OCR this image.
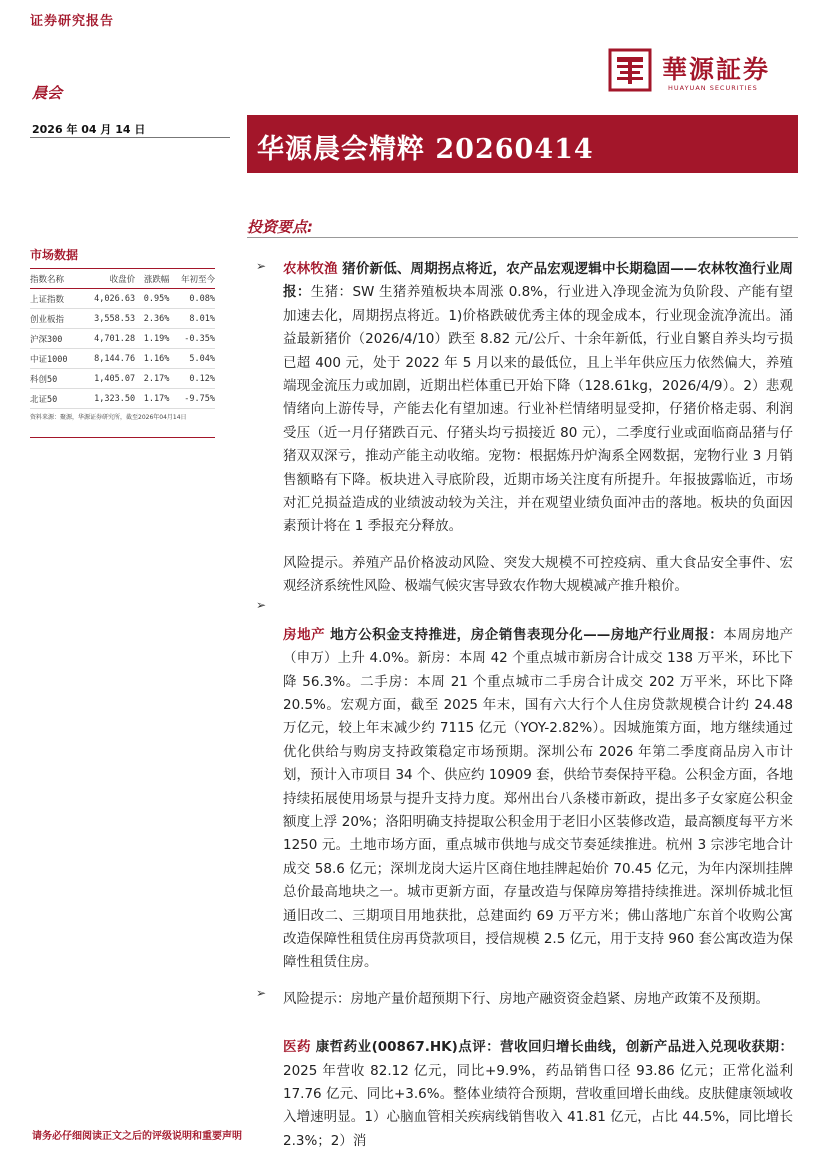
证券研究报告
華源証券
HUAYUAN SECURITIES
晨会
2026 年 04 月 14 日
华源晨会精粹 20260414
投资要点:
市场数据
指数名称	收盘价	涨跌幅	年初至今
上证指数	4,026.63	0.95%	0.08%
创业板指	3,558.53	2.36%	8.01%
沪深300	4,701.28	1.19%	-0.35%
中证1000	8,144.76	1.16%	5.04%
科创50	1,405.07	2.17%	0.12%
北证50	1,323.50	1.17%	-9.75%
资料来源：聚源，华源证券研究所，截至2026年04月14日
➢
➢
➢

农林牧渔 猪价新低、周期拐点将近，农产品宏观逻辑中长期稳固——农林牧渔行业周报：生猪：SW 生猪养殖板块本周涨 0.8%，行业进入净现金流为负阶段、产能有望加速去化，周期拐点将近。1)价格跌破优秀主体的现金成本，行业现金流净流出。涌益最新猪价（2026/4/10）跌至 8.82 元/公斤、十余年新低，行业自繁自养头均亏损已超 400 元，处于 2022 年 5 月以来的最低位，且上半年供应压力依然偏大，养殖端现金流压力或加剧，近期出栏体重已开始下降（128.61kg，2026/4/9）。2）悲观情绪向上游传导，产能去化有望加速。行业补栏情绪明显受抑，仔猪价格走弱、利润受压（近一月仔猪跌百元、仔猪头均亏损接近 80 元），二季度行业或面临商品猪与仔猪双双深亏，推动产能主动收缩。宠物：根据炼丹炉淘系全网数据，宠物行业 3 月销售额略有下降。板块进入寻底阶段，近期市场关注度有所提升。年报披露临近，市场对汇兑损益造成的业绩波动较为关注，并在观望业绩负面冲击的落地。板块的负面因素预计将在 1 季报充分释放。

风险提示。养殖产品价格波动风险、突发大规模不可控疫病、重大食品安全事件、宏观经济系统性风险、极端气候灾害导致农作物大规模减产推升粮价。

房地产 地方公积金支持推进，房企销售表现分化——房地产行业周报：本周房地产（申万）上升 4.0%。新房：本周 42 个重点城市新房合计成交 138 万平米，环比下降 56.3%。二手房：本周 21 个重点城市二手房合计成交 202 万平米，环比下降 20.5%。宏观方面，截至 2025 年末，国有六大行个人住房贷款规模合计约 24.48 万亿元，较上年末减少约 7115 亿元（YOY-2.82%）。因城施策方面，地方继续通过优化供给与购房支持政策稳定市场预期。深圳公布 2026 年第二季度商品房入市计划，预计入市项目 34 个、供应约 10909 套，供给节奏保持平稳。公积金方面，各地持续拓展使用场景与提升支持力度。郑州出台八条楼市新政，提出多子女家庭公积金额度上浮 20%；洛阳明确支持提取公积金用于老旧小区装修改造，最高额度每平方米 1250 元。土地市场方面，重点城市供地与成交节奏延续推进。杭州 3 宗涉宅地合计成交 58.6 亿元；深圳龙岗大运片区商住地挂牌起始价 70.45 亿元，为年内深圳挂牌总价最高地块之一。城市更新方面，存量改造与保障房筹措持续推进。深圳侨城北恒通旧改二、三期项目用地获批，总建面约 69 万平方米；佛山落地广东首个收购公寓改造保障性租赁住房再贷款项目，授信规模 2.5 亿元，用于支持 960 套公寓改造为保障性租赁住房。

风险提示：房地产量价超预期下行、房地产融资资金趋紧、房地产政策不及预期。

医药 康哲药业(00867.HK)点评：营收回归增长曲线，创新产品进入兑现收获期：2025 年营收 82.12 亿元，同比+9.9%，药品销售口径 93.86 亿元；正常化溢利 17.76 亿元、同比+3.6%。整体业绩符合预期，营收重回增长曲线。皮肤健康领域收入增速明显。1）心脑血管相关疾病线销售收入 41.81 亿元，占比 44.5%，同比增长 2.3%；2）消

请务必仔细阅读正文之后的评级说明和重要声明
